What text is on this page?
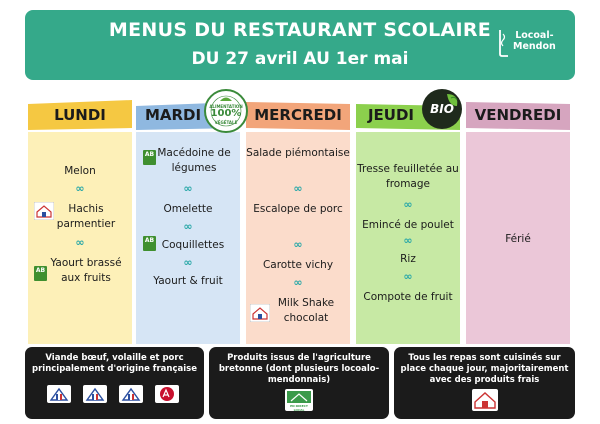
MENUS DU RESTAURANT SCOLAIRE
DU 27 avril AU 1er mai
Locoal-
Mendon
LUNDI
Melon
∞
Hachis parmentier
∞
AB
Yaourt brassé aux fruits
MARDI
AB Macédoine de légumes
∞
Omelette
∞
AB Coquillettes
∞
Yaourt & fruit
MERCREDI
Salade piémontaise
∞
Escalope de porc
∞
Carotte vichy
∞
Milk Shake chocolat
JEUDI
Tresse feuilletée au fromage
∞
Emincé de poulet
∞
Riz
∞
Compote de fruit
VENDREDI
Férié
ALIMENTATION
100%
VÉGÉTALE
BIO
Viande bœuf, volaille et porc principalement d'origine française
Produits issus de l'agriculture bretonne (dont plusieurs locoalo-mendonnais)
EN DIRECT LOCAL
Tous les repas sont cuisinés sur place chaque jour, majoritairement avec des produits frais
